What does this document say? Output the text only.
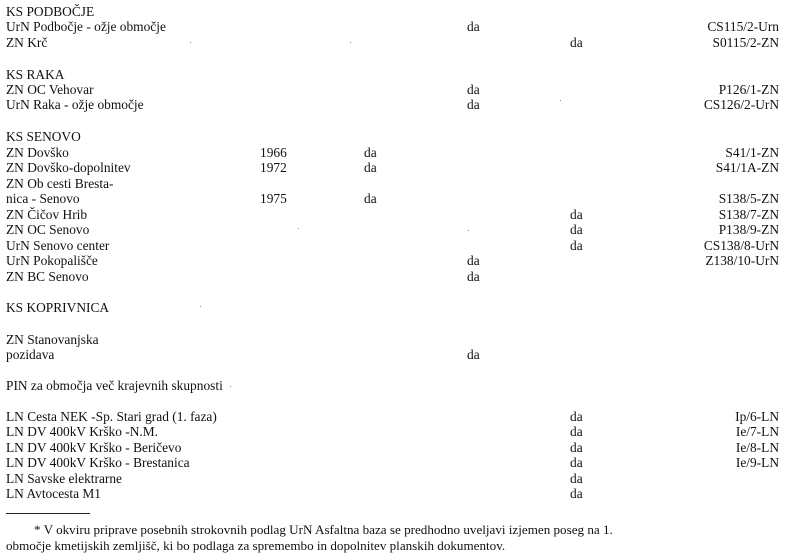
KS PODBOČJE
UrN Podbočje - ožje območje	da	CS115/2-Urn
ZN Krč	da	S0115/2-ZN
KS RAKA
ZN OC Vehovar	da	P126/1-ZN
UrN Raka - ožje območje	da	CS126/2-UrN
KS SENOVO
ZN Dovško	1966	da	S41/1-ZN
ZN Dovško-dopolnitev	1972	da	S41/1A-ZN
ZN Ob cesti Bresta-
nica - Senovo	1975	da	S138/5-ZN
ZN Čičov Hrib	da	S138/7-ZN
ZN OC Senovo	da	P138/9-ZN
UrN Senovo center	da	CS138/8-UrN
UrN Pokopališče	da	Z138/10-UrN
ZN BC Senovo	da
KS KOPRIVNICA
ZN Stanovanjska
pozidava	da
PIN za območja več krajevnih skupnosti
LN Cesta NEK -Sp. Stari grad (1. faza)	da	Ip/6-LN
LN DV 400kV Krško -N.M.	da	Ie/7-LN
LN DV 400kV Krško - Beričevo	da	Ie/8-LN
LN DV 400kV Krško - Brestanica	da	Ie/9-LN
LN Savske elektrarne	da
LN Avtocesta M1	da
* V okviru priprave posebnih strokovnih podlag UrN Asfaltna baza se predhodno uveljavi izjemen poseg na 1.
območje kmetijskih zemljišč, ki bo podlaga za spremembo in dopolnitev planskih dokumentov.
